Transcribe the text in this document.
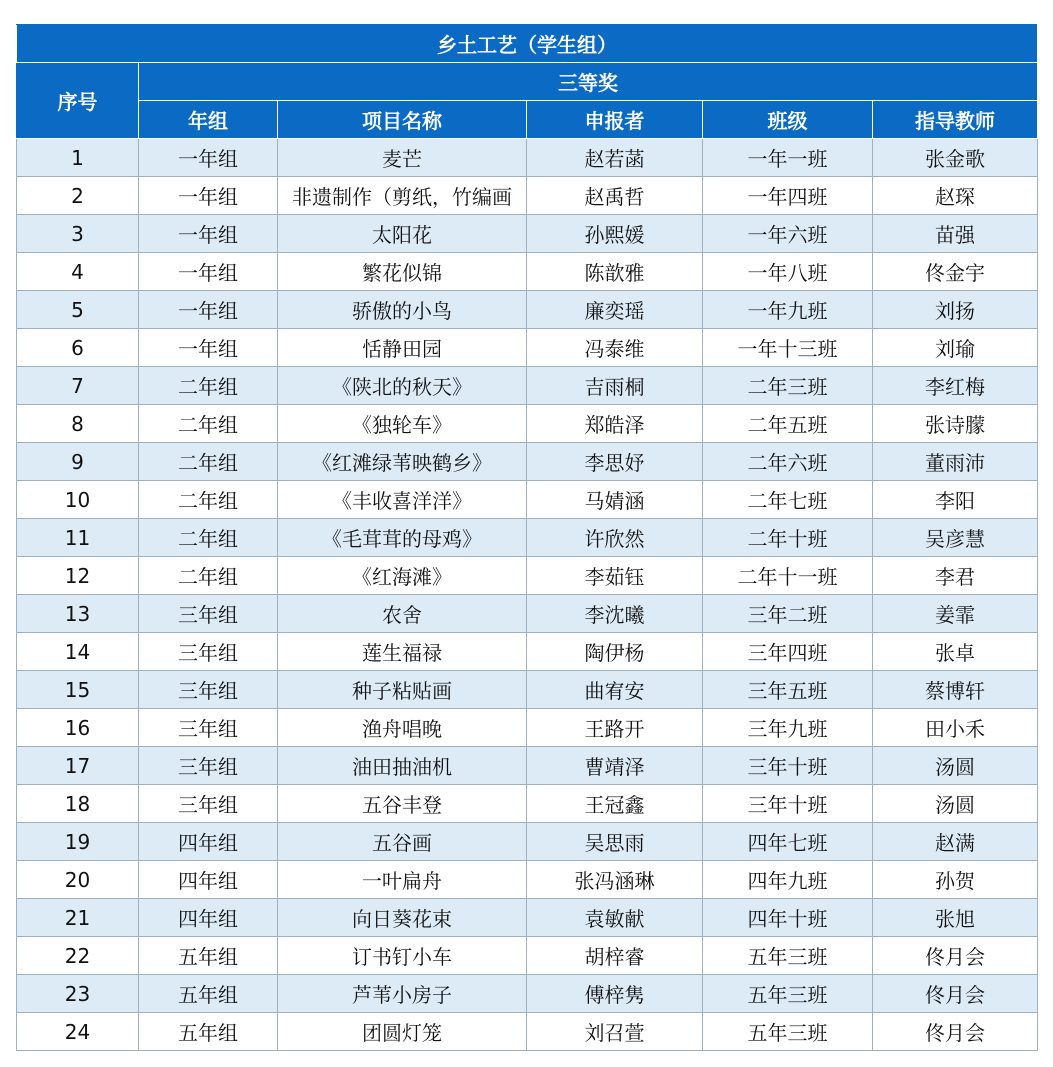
乡土工艺（学生组）					
序号	三等奖				
	年组	项目名称	申报者	班级	指导教师
1	一年组	麦芒	赵若菡	一年一班	张金歌
2	一年组	非遗制作（剪纸，竹编画	赵禹哲	一年四班	赵琛
3	一年组	太阳花	孙熙媛	一年六班	苗强
4	一年组	繁花似锦	陈歆雅	一年八班	佟金宇
5	一年组	骄傲的小鸟	廉奕瑶	一年九班	刘扬
6	一年组	恬静田园	冯泰维	一年十三班	刘瑜
7	二年组	《陕北的秋天》	吉雨桐	二年三班	李红梅
8	二年组	《独轮车》	郑皓泽	二年五班	张诗朦
9	二年组	《红滩绿苇映鹤乡》	李思妤	二年六班	董雨沛
10	二年组	《丰收喜洋洋》	马婧涵	二年七班	李阳
11	二年组	《毛茸茸的母鸡》	许欣然	二年十班	吴彦慧
12	二年组	《红海滩》	李茹钰	二年十一班	李君
13	三年组	农舍	李沈曦	三年二班	姜霏
14	三年组	莲生福禄	陶伊杨	三年四班	张卓
15	三年组	种子粘贴画	曲宥安	三年五班	蔡博轩
16	三年组	渔舟唱晚	王路开	三年九班	田小禾
17	三年组	油田抽油机	曹靖泽	三年十班	汤圆
18	三年组	五谷丰登	王冠鑫	三年十班	汤圆
19	四年组	五谷画	吴思雨	四年七班	赵满
20	四年组	一叶扁舟	张冯涵琳	四年九班	孙贺
21	四年组	向日葵花束	袁敏献	四年十班	张旭
22	五年组	订书钉小车	胡梓睿	五年三班	佟月会
23	五年组	芦苇小房子	傅梓隽	五年三班	佟月会
24	五年组	团圆灯笼	刘召萱	五年三班	佟月会
